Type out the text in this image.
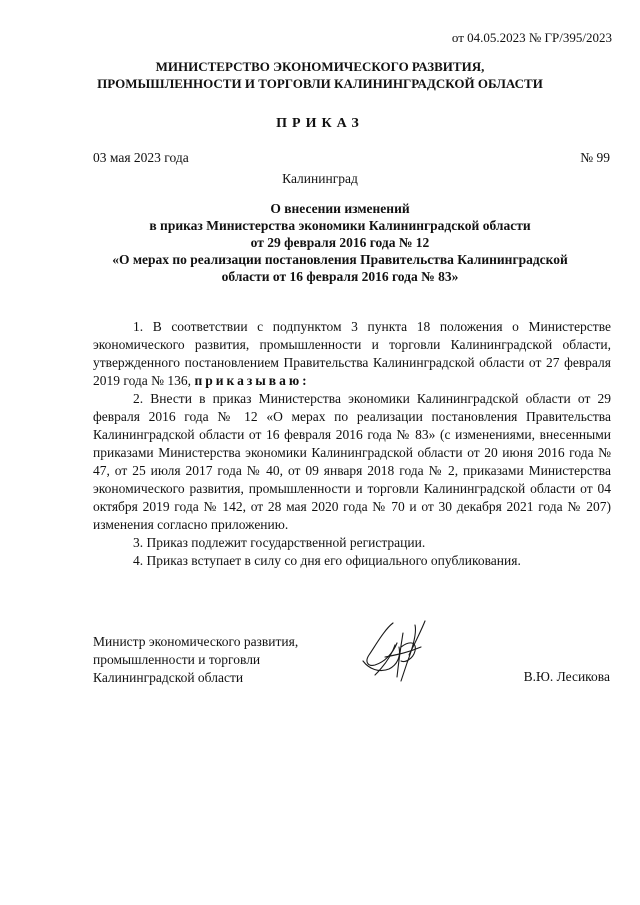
от 04.05.2023 № ГР/395/2023
МИНИСТЕРСТВО ЭКОНОМИЧЕСКОГО РАЗВИТИЯ,
ПРОМЫШЛЕННОСТИ И ТОРГОВЛИ КАЛИНИНГРАДСКОЙ ОБЛАСТИ
ПРИКАЗ
03 мая 2023 года	№ 99
Калининград
О внесении изменений
в приказ Министерства экономики Калининградской области
от 29 февраля 2016 года № 12
«О мерах по реализации постановления Правительства Калининградской
области от 16 февраля 2016 года № 83»

1. В соответствии с подпунктом 3 пункта 18 положения о Министерстве экономического развития, промышленности и торговли Калининградской области, утвержденного постановлением Правительства Калининградской области от 27 февраля 2019 года № 136, приказываю:

2. Внести в приказ Министерства экономики Калининградской области от 29 февраля 2016 года № 12 «О мерах по реализации постановления Правительства Калининградской области от 16 февраля 2016 года № 83» (с изменениями, внесенными приказами Министерства экономики Калининградской области от 20 июня 2016 года № 47, от 25 июля 2017 года № 40, от 09 января 2018 года № 2, приказами Министерства экономического развития, промышленности и торговли Калининградской области от 04 октября 2019 года № 142, от 28 мая 2020 года № 70 и от 30 декабря 2021 года № 207) изменения согласно приложению.

3. Приказ подлежит государственной регистрации.

4. Приказ вступает в силу со дня его официального опубликования.

Министр экономического развития,
промышленности и торговли
Калининградской области	В.Ю. Лесикова
